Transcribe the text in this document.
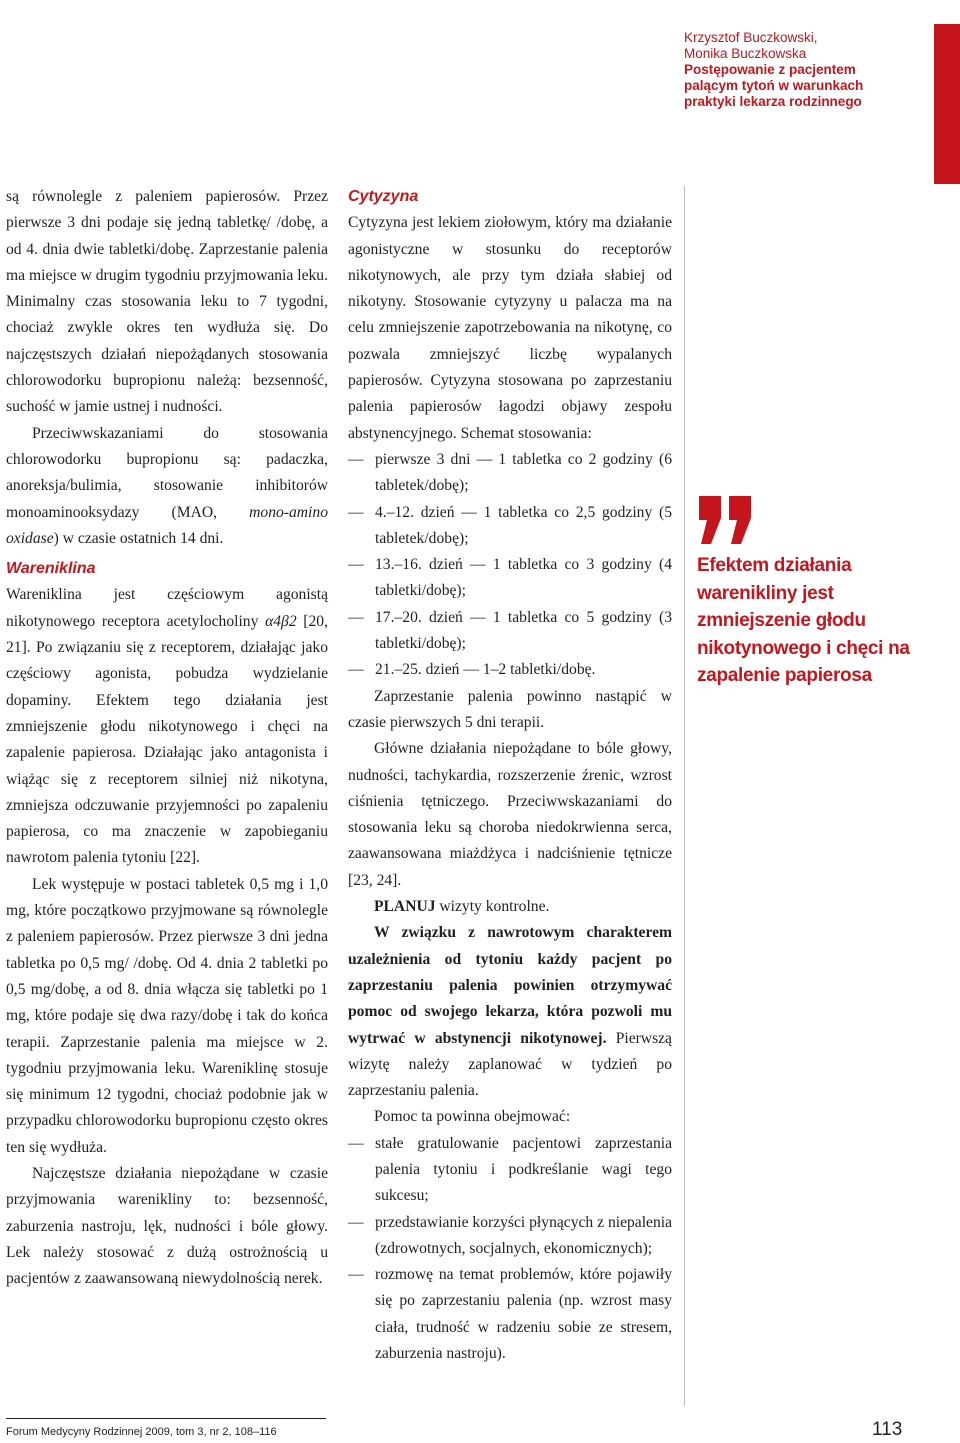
Krzysztof Buczkowski,
Monika Buczkowska
Postępowanie z pacjentem
palącym tytoń w warunkach
praktyki lekarza rodzinnego

są równolegle z paleniem papierosów. Przez pierwsze 3 dni podaje się jedną tabletkę/ /dobę, a od 4. dnia dwie tabletki/dobę. Zaprzestanie palenia ma miejsce w drugim tygodniu przyjmowania leku. Minimalny czas stosowania leku to 7 tygodni, chociaż zwykle okres ten wydłuża się. Do najczęstszych działań niepożądanych stosowania chlorowodorku bupropionu należą: bezsenność, suchość w jamie ustnej i nudności.

Przeciwwskazaniami do stosowania chlorowodorku bupropionu są: padaczka, anoreksja/bulimia, stosowanie inhibitorów monoaminooksydazy (MAO, mono-amino oxidase) w czasie ostatnich 14 dni.

Wareniklina

Wareniklina jest częściowym agonistą nikotynowego receptora acetylocholiny α4β2 [20, 21]. Po związaniu się z receptorem, działając jako częściowy agonista, pobudza wydzielanie dopaminy. Efektem tego działania jest zmniejszenie głodu nikotynowego i chęci na zapalenie papierosa. Działając jako antagonista i wiążąc się z receptorem silniej niż nikotyna, zmniejsza odczuwanie przyjemności po zapaleniu papierosa, co ma znaczenie w zapobieganiu nawrotom palenia tytoniu [22].

Lek występuje w postaci tabletek 0,5 mg i 1,0 mg, które początkowo przyjmowane są równolegle z paleniem papierosów. Przez pierwsze 3 dni jedna tabletka po 0,5 mg/ /dobę. Od 4. dnia 2 tabletki po 0,5 mg/dobę, a od 8. dnia włącza się tabletki po 1 mg, które podaje się dwa razy/dobę i tak do końca terapii. Zaprzestanie palenia ma miejsce w 2. tygodniu przyjmowania leku. Wareniklinę stosuje się minimum 12 tygodni, chociaż podobnie jak w przypadku chlorowodorku bupropionu często okres ten się wydłuża.

Najczęstsze działania niepożądane w czasie przyjmowania warenikliny to: bezsenność, zaburzenia nastroju, lęk, nudności i bóle głowy. Lek należy stosować z dużą ostrożnością u pacjentów z zaawansowaną niewydolnością nerek.

Cytyzyna

Cytyzyna jest lekiem ziołowym, który ma działanie agonistyczne w stosunku do receptorów nikotynowych, ale przy tym działa słabiej od nikotyny. Stosowanie cytyzyny u palacza ma na celu zmniejszenie zapotrzebowania na nikotynę, co pozwala zmniejszyć liczbę wypalanych papierosów. Cytyzyna stosowana po zaprzestaniu palenia papierosów łagodzi objawy zespołu abstynencyjnego. Schemat stosowania:

— pierwsze 3 dni — 1 tabletka co 2 godziny (6 tabletek/dobę);
— 4.–12. dzień — 1 tabletka co 2,5 godziny (5 tabletek/dobę);
— 13.–16. dzień — 1 tabletka co 3 godziny (4 tabletki/dobę);
— 17.–20. dzień — 1 tabletka co 5 godziny (3 tabletki/dobę);
— 21.–25. dzień — 1–2 tabletki/dobę.

Zaprzestanie palenia powinno nastąpić w czasie pierwszych 5 dni terapii.

Główne działania niepożądane to bóle głowy, nudności, tachykardia, rozszerzenie źrenic, wzrost ciśnienia tętniczego. Przeciwwskazaniami do stosowania leku są choroba niedokrwienna serca, zaawansowana miażdżyca i nadciśnienie tętnicze [23, 24].

PLANUJ wizyty kontrolne.

W związku z nawrotowym charakterem uzależnienia od tytoniu każdy pacjent po zaprzestaniu palenia powinien otrzymywać pomoc od swojego lekarza, która pozwoli mu wytrwać w abstynencji nikotynowej. Pierwszą wizytę należy zaplanować w tydzień po zaprzestaniu palenia.

Pomoc ta powinna obejmować:

— stałe gratulowanie pacjentowi zaprzestania palenia tytoniu i podkreślanie wagi tego sukcesu;
— przedstawianie korzyści płynących z niepalenia (zdrowotnych, socjalnych, ekonomicznych);
— rozmowę na temat problemów, które pojawiły się po zaprzestaniu palenia (np. wzrost masy ciała, trudność w radzeniu sobie ze stresem, zaburzenia nastroju).
Efektem działania warenikliny jest zmniejszenie głodu nikotynowego i chęci na zapalenie papierosa
Forum Medycyny Rodzinnej 2009, tom 3, nr 2, 108–116	113
